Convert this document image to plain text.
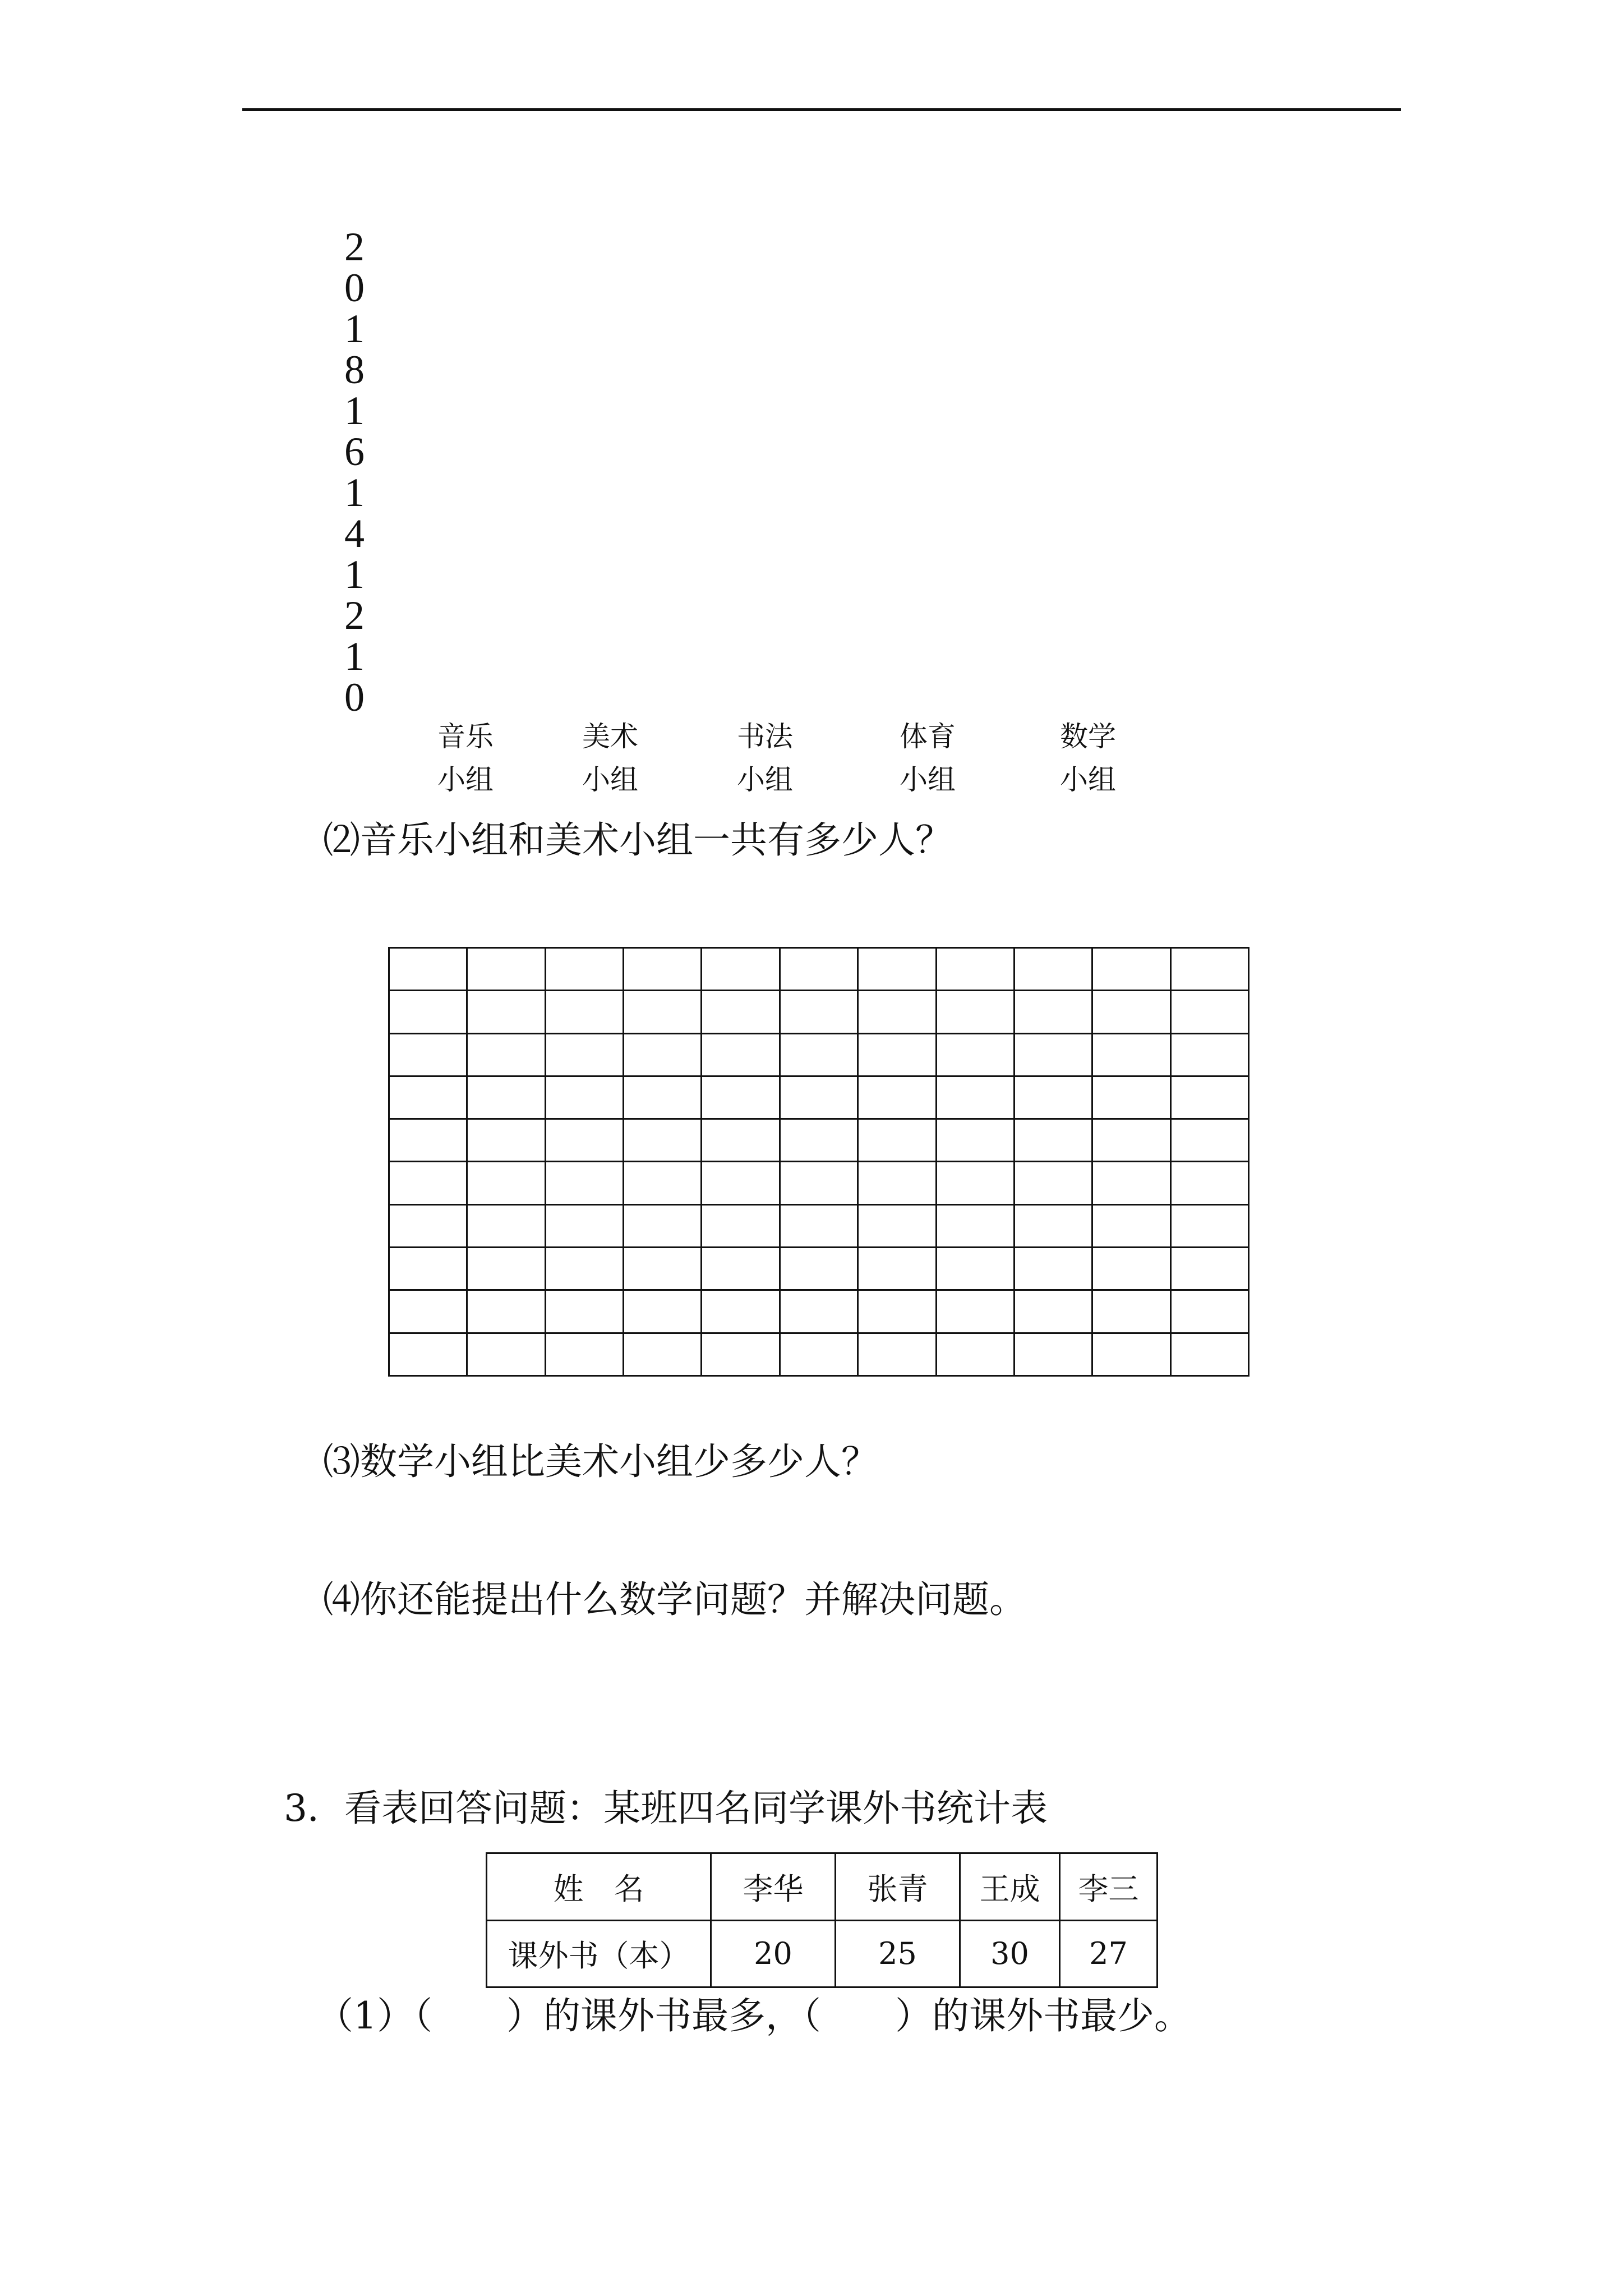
2
0
1
8
1
6
1
4
1
2
1
0
音乐
小组
美术
小组
书法
小组
体育
小组
数学
小组
⑵音乐小组和美术小组一共有多少人？

⑶数学小组比美术小组少多少人？
⑷你还能提出什么数学问题？并解决问题。
3．看表回答问题：某班四名同学课外书统计表
姓　名	李华	张青	王成	李三
课外书（本）	20	25	30	27
（1）（　　）的课外书最多，（　　）的课外书最少。
